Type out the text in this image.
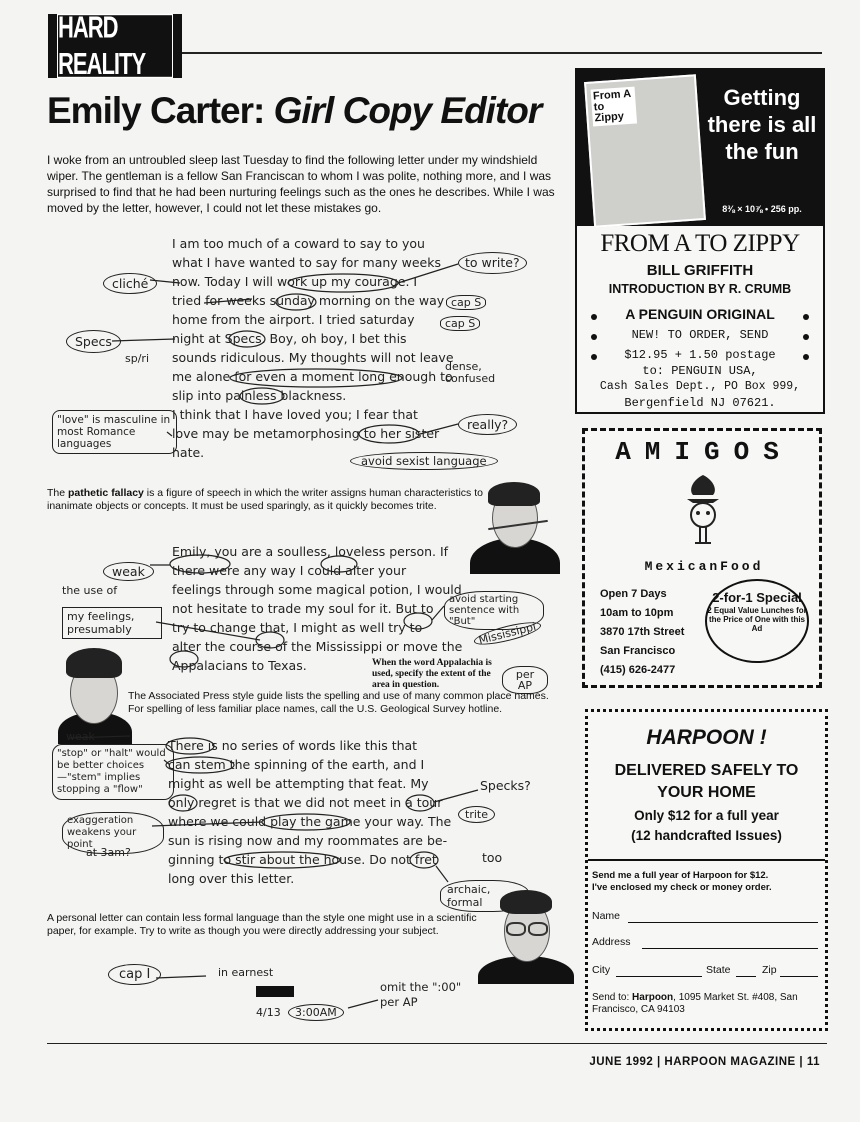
HARD REALITY
Emily Carter: Girl Copy Editor
I woke from an untroubled sleep last Tuesday to find the following letter under my windshield wiper. The gentleman is a fellow San Franciscan to whom I was polite, nothing more, and I was surprised to find that he had been nurturing feelings such as the ones he describes. While I was moved by the letter, however, I could not let these mistakes go.
I am too much of a coward to say to you
what I have wanted to say for many weeks
now. Today I will work up my courage. I
tried for weeks sunday morning on the way
home from the airport. I tried saturday
night at Specs. Boy, oh boy, I bet this
sounds ridiculous. My thoughts will not leave
me alone for even a moment long enough to
slip into painless blackness.
I think that I have loved you; I fear that
love may be metamorphosing to her sister
hate.
cliché
to write?
cap S
cap S
Specs
sp/ri
dense, confused
"love" is masculine in most Romance languages
really?
avoid sexist language
The pathetic fallacy is a figure of speech in which the writer assigns human characteristics to inanimate objects or concepts. It must be used sparingly, as it quickly becomes trite.
Emily, you are a soulless, loveless person. If
there were any way I could alter your
feelings through some magical potion, I would
not hesitate to trade my soul for it. But to
try to change that, I might as well try to
alter the course of the Mississippi or move the
Appalacians to Texas.
weak
the use of
my feelings, presumably
avoid starting sentence with "But" Mississippi
When the word Appalachia is used, specify the extent of the area in question.
per AP
The Associated Press style guide lists the spelling and use of many common place names. For spelling of less familiar place names, call the U.S. Geological Survey hotline.
There is no series of words like this that
can stem the spinning of the earth, and I
might as well be attempting that feat. My
only regret is that we did not meet in a tour
where we could play the game your way. The
sun is rising now and my roommates are be-
ginning to stir about the house. Do not fret
long over this letter.
weak
"stop" or "halt" would be better choices—"stem" implies stopping a "flow"
exaggeration weakens your point
at 3am?
Specks?
trite
too
archaic, formal
A personal letter can contain less formal language than the style one might use in a scientific paper, for example. Try to write as though you were directly addressing your subject.
cap I	in earnest
4/13	3:00AM
omit the ":00" per AP
From A to Zippy
Getting there is all the fun
8⅜ × 10⅞ • 256 pp.
FROM A TO ZIPPY
BILL GRIFFITH
INTRODUCTION BY R. CRUMB
A PENGUIN ORIGINAL
NEW! TO ORDER, SEND
$12.95 + 1.50 postage
to: PENGUIN USA,
Cash Sales Dept., PO Box 999,
Bergenfield NJ 07621.
AMIGOS
MexicanFood
Open 7 Days
10am to 10pm
3870 17th Street
San Francisco
(415) 626-2477
2-for-1 Special
2 Equal Value Lunches for the Price of One with this Ad
HARPOON !
DELIVERED SAFELY TO
YOUR HOME
Only $12 for a full year
(12 handcrafted Issues)
Send me a full year of Harpoon for $12.
I've enclosed my check or money order.
Name
Address
City	State	Zip
Send to: Harpoon, 1095 Market St. #408, San Francisco, CA 94103
JUNE 1992 | HARPOON MAGAZINE | 11
